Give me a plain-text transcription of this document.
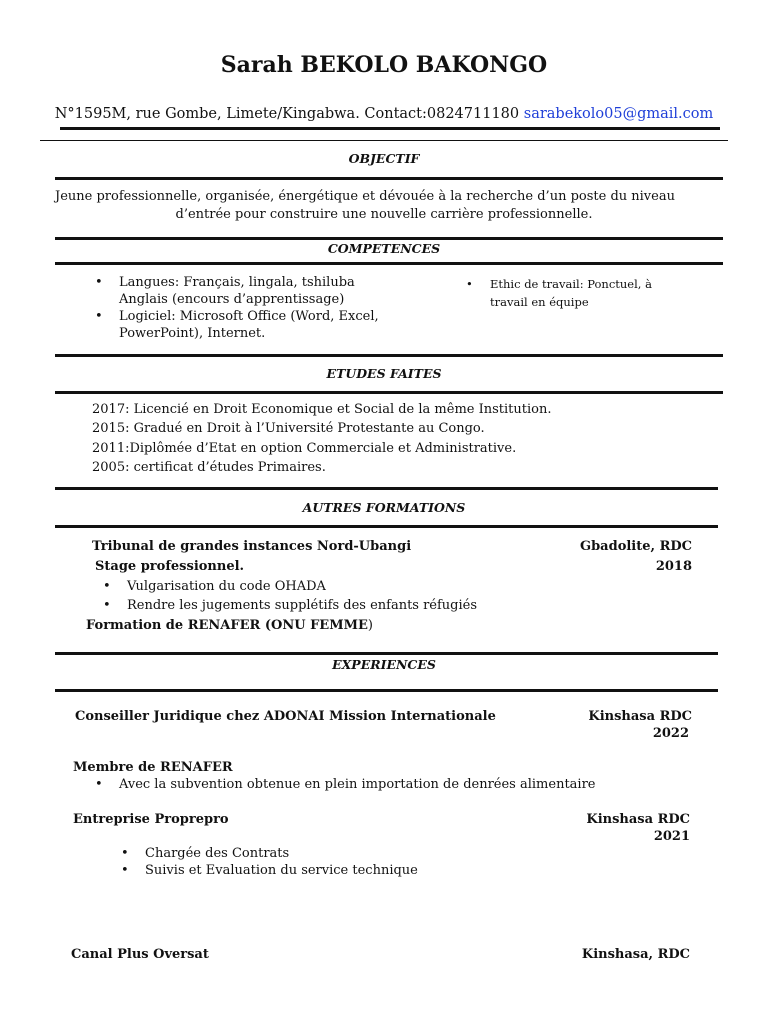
Sarah BEKOLO BAKONGO
N°1595M, rue Gombe, Limete/Kingabwa. Contact:0824711180 sarabekolo05@gmail.com
OBJECTIF
Jeune professionnelle, organisée, énergétique et dévouée à la recherche d’un poste du niveau
d’entrée pour construire une nouvelle carrière professionnelle.
COMPETENCES
• Langues: Français, lingala, tshiluba
Anglais (encours d’apprentissage)
• Logiciel: Microsoft Office (Word, Excel,
PowerPoint), Internet.
• Ethic de travail: Ponctuel, à
travail en équipe
ETUDES FAITES
2017: Licencié en Droit Economique et Social de la même Institution.
2015: Gradué en Droit à l’Université Protestante au Congo.
2011:Diplômée d’Etat en option Commerciale et Administrative.
2005: certificat d’études Primaires.
AUTRES FORMATIONS
Tribunal de grandes instances Nord-Ubangi	Gbadolite, RDC
Stage professionnel.	2018
• Vulgarisation du code OHADA
• Rendre les jugements supplétifs des enfants réfugiés
Formation de RENAFER (ONU FEMME)
EXPERIENCES
Conseiller Juridique chez ADONAI Mission Internationale	Kinshasa RDC
2022
Membre de RENAFER
• Avec la subvention obtenue en plein importation de denrées alimentaire
Entreprise Proprepro	Kinshasa RDC
2021
• Chargée des Contrats
• Suivis et Evaluation du service technique
Canal Plus Oversat	Kinshasa, RDC
